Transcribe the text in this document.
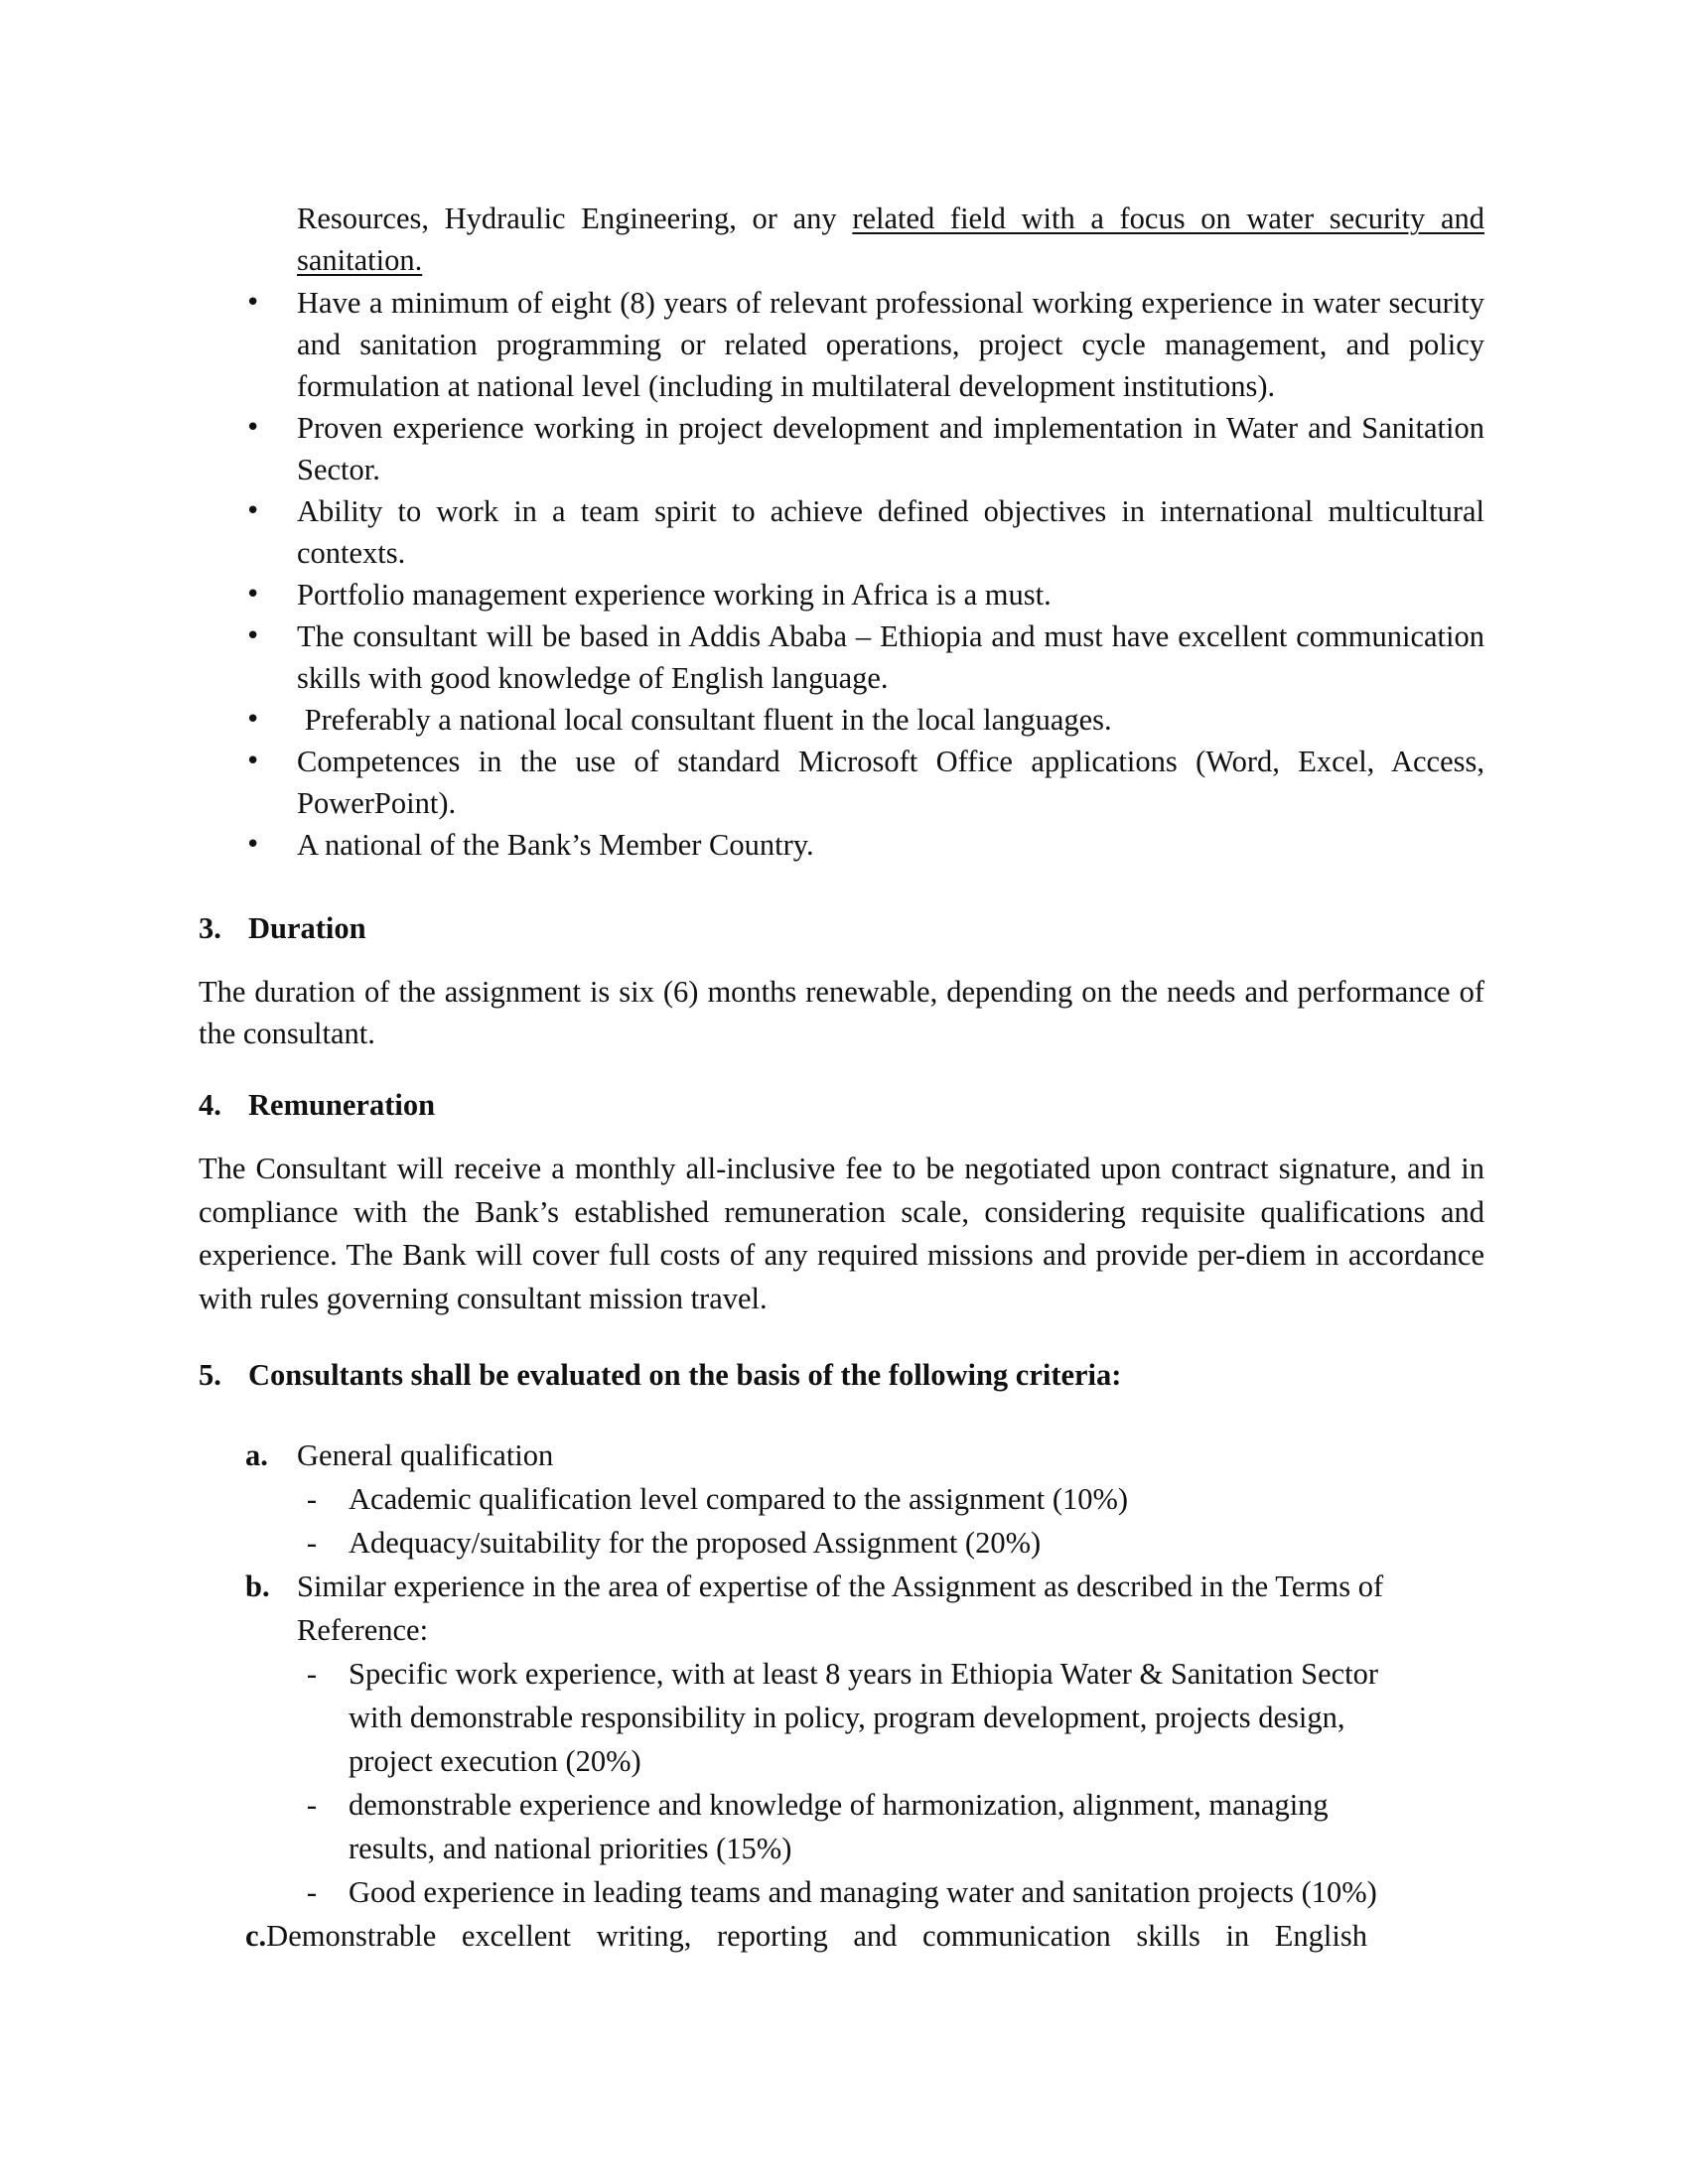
Resources, Hydraulic Engineering, or any related field with a focus on water security and sanitation.
• Have a minimum of eight (8) years of relevant professional working experience in water security and sanitation programming or related operations, project cycle management, and policy formulation at national level (including in multilateral development institutions).
• Proven experience working in project development and implementation in Water and Sanitation Sector.
• Ability to work in a team spirit to achieve defined objectives in international multicultural contexts.
• Portfolio management experience working in Africa is a must.
• The consultant will be based in Addis Ababa – Ethiopia and must have excellent communication skills with good knowledge of English language.
• Preferably a national local consultant fluent in the local languages.
• Competences in the use of standard Microsoft Office applications (Word, Excel, Access, PowerPoint).
• A national of the Bank’s Member Country.
3. Duration

The duration of the assignment is six (6) months renewable, depending on the needs and performance of the consultant.

4. Remuneration

The Consultant will receive a monthly all-inclusive fee to be negotiated upon contract signature, and in compliance with the Bank’s established remuneration scale, considering requisite qualifications and experience. The Bank will cover full costs of any required missions and provide per-diem in accordance with rules governing consultant mission travel.

5. Consultants shall be evaluated on the basis of the following criteria:
a. General qualification
-	Academic qualification level compared to the assignment (10%)
-	Adequacy/suitability for the proposed Assignment (20%)
b. Similar experience in the area of expertise of the Assignment as described in the Terms of Reference:
-	Specific work experience, with at least 8 years in Ethiopia Water & Sanitation Sector with demonstrable responsibility in policy, program development, projects design, project execution (20%)
-	demonstrable experience and knowledge of harmonization, alignment, managing results, and national priorities (15%)
-	Good experience in leading teams and managing water and sanitation projects (10%)
c.Demonstrable excellent writing, reporting and communication skills in English
